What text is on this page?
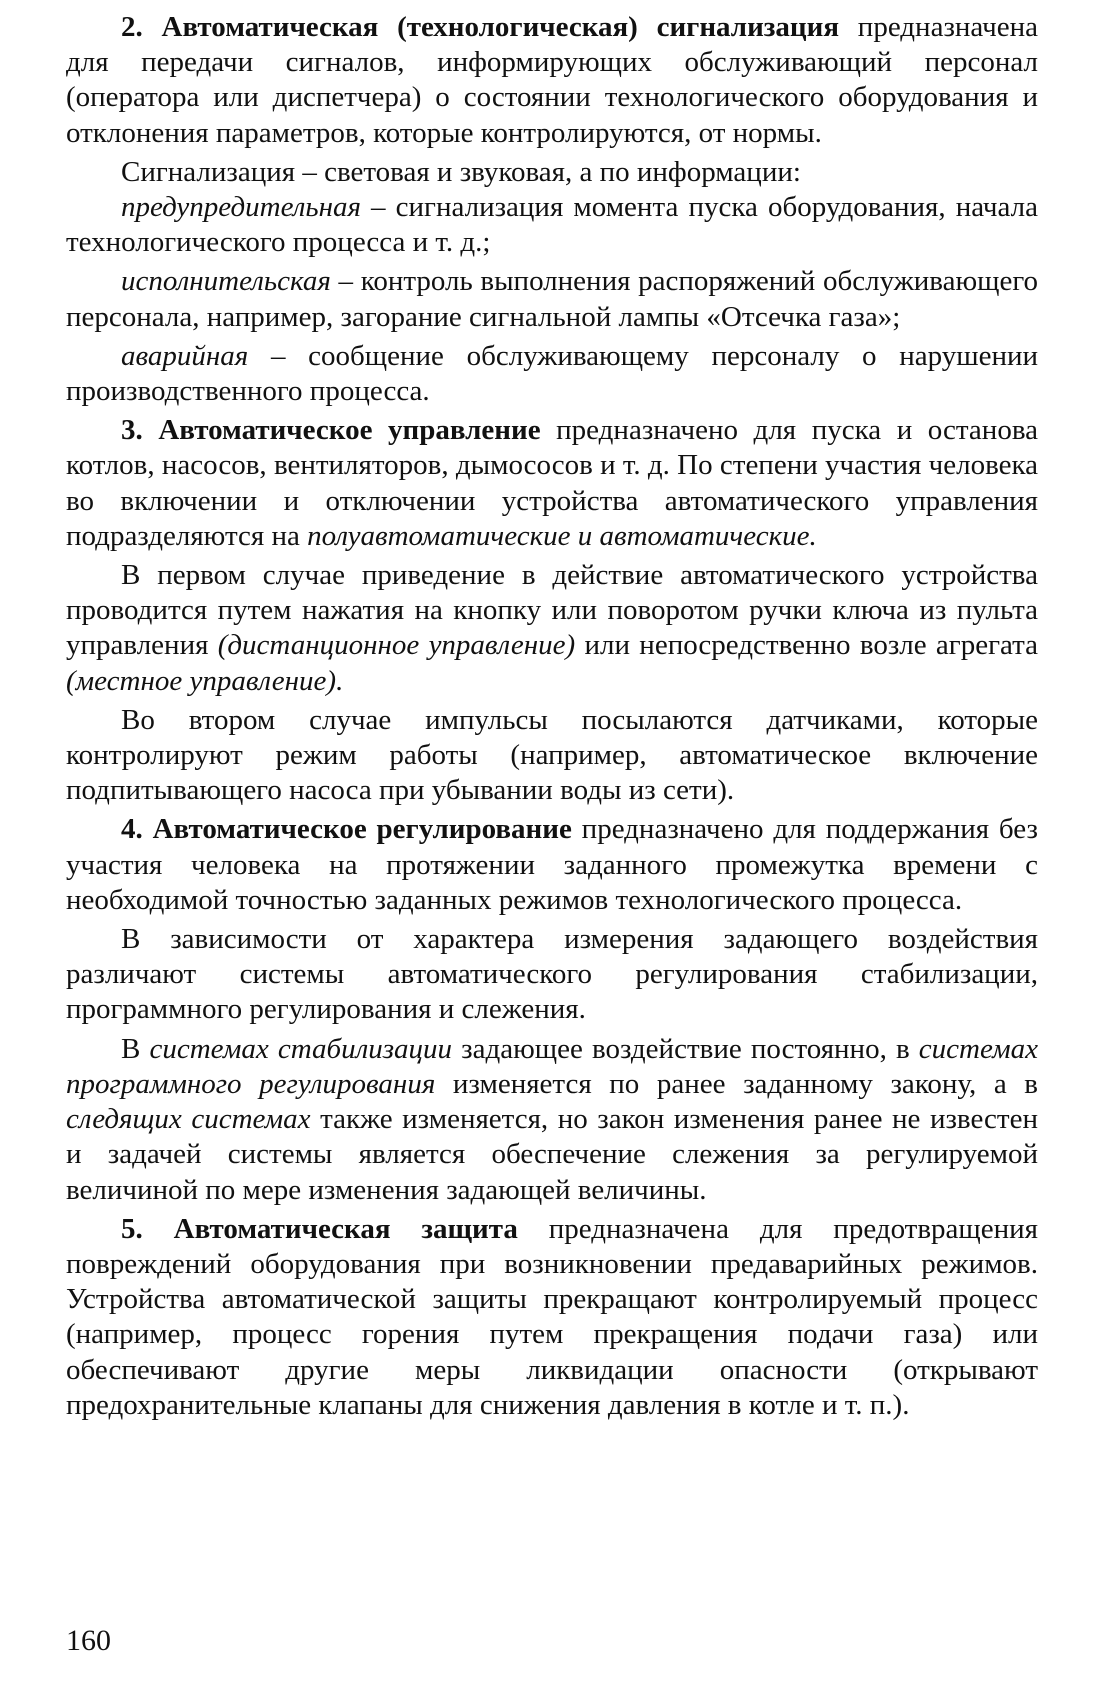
2. Автоматическая (технологическая) сигнализация предназначена для передачи сигналов, информирующих обслуживающий персонал (оператора или диспетчера) о состоянии технологического оборудования и отклонения параметров, которые контролируются, от нормы.

Сигнализация – световая и звуковая, а по информации:

предупредительная – сигнализация момента пуска оборудования, начала технологического процесса и т. д.;

исполнительская – контроль выполнения распоряжений обслуживающего персонала, например, загорание сигнальной лампы «Отсечка газа»;

аварийная – сообщение обслуживающему персоналу о нарушении производственного процесса.

3. Автоматическое управление предназначено для пуска и останова котлов, насосов, вентиляторов, дымососов и т. д. По степени участия человека во включении и отключении устройства автоматического управления подразделяются на полуавтоматические и автоматические.

В первом случае приведение в действие автоматического устройства проводится путем нажатия на кнопку или поворотом ручки ключа из пульта управления (дистанционное управление) или непосредственно возле агрегата (местное управление).

Во втором случае импульсы посылаются датчиками, которые контролируют режим работы (например, автоматическое включение подпитывающего насоса при убывании воды из сети).

4. Автоматическое регулирование предназначено для поддержания без участия человека на протяжении заданного промежутка времени с необходимой точностью заданных режимов технологического процесса.

В зависимости от характера измерения задающего воздействия различают системы автоматического регулирования стабилизации, программного регулирования и слежения.

В системах стабилизации задающее воздействие постоянно, в системах программного регулирования изменяется по ранее заданному закону, а в следящих системах также изменяется, но закон изменения ранее не известен и задачей системы является обеспечение слежения за регулируемой величиной по мере изменения задающей величины.

5. Автоматическая защита предназначена для предотвращения повреждений оборудования при возникновении предаварийных режимов. Устройства автоматической защиты прекращают контролируемый процесс (например, процесс горения путем прекращения подачи газа) или обеспечивают другие меры ликвидации опасности (открывают предохранительные клапаны для снижения давления в котле и т. п.).

160
